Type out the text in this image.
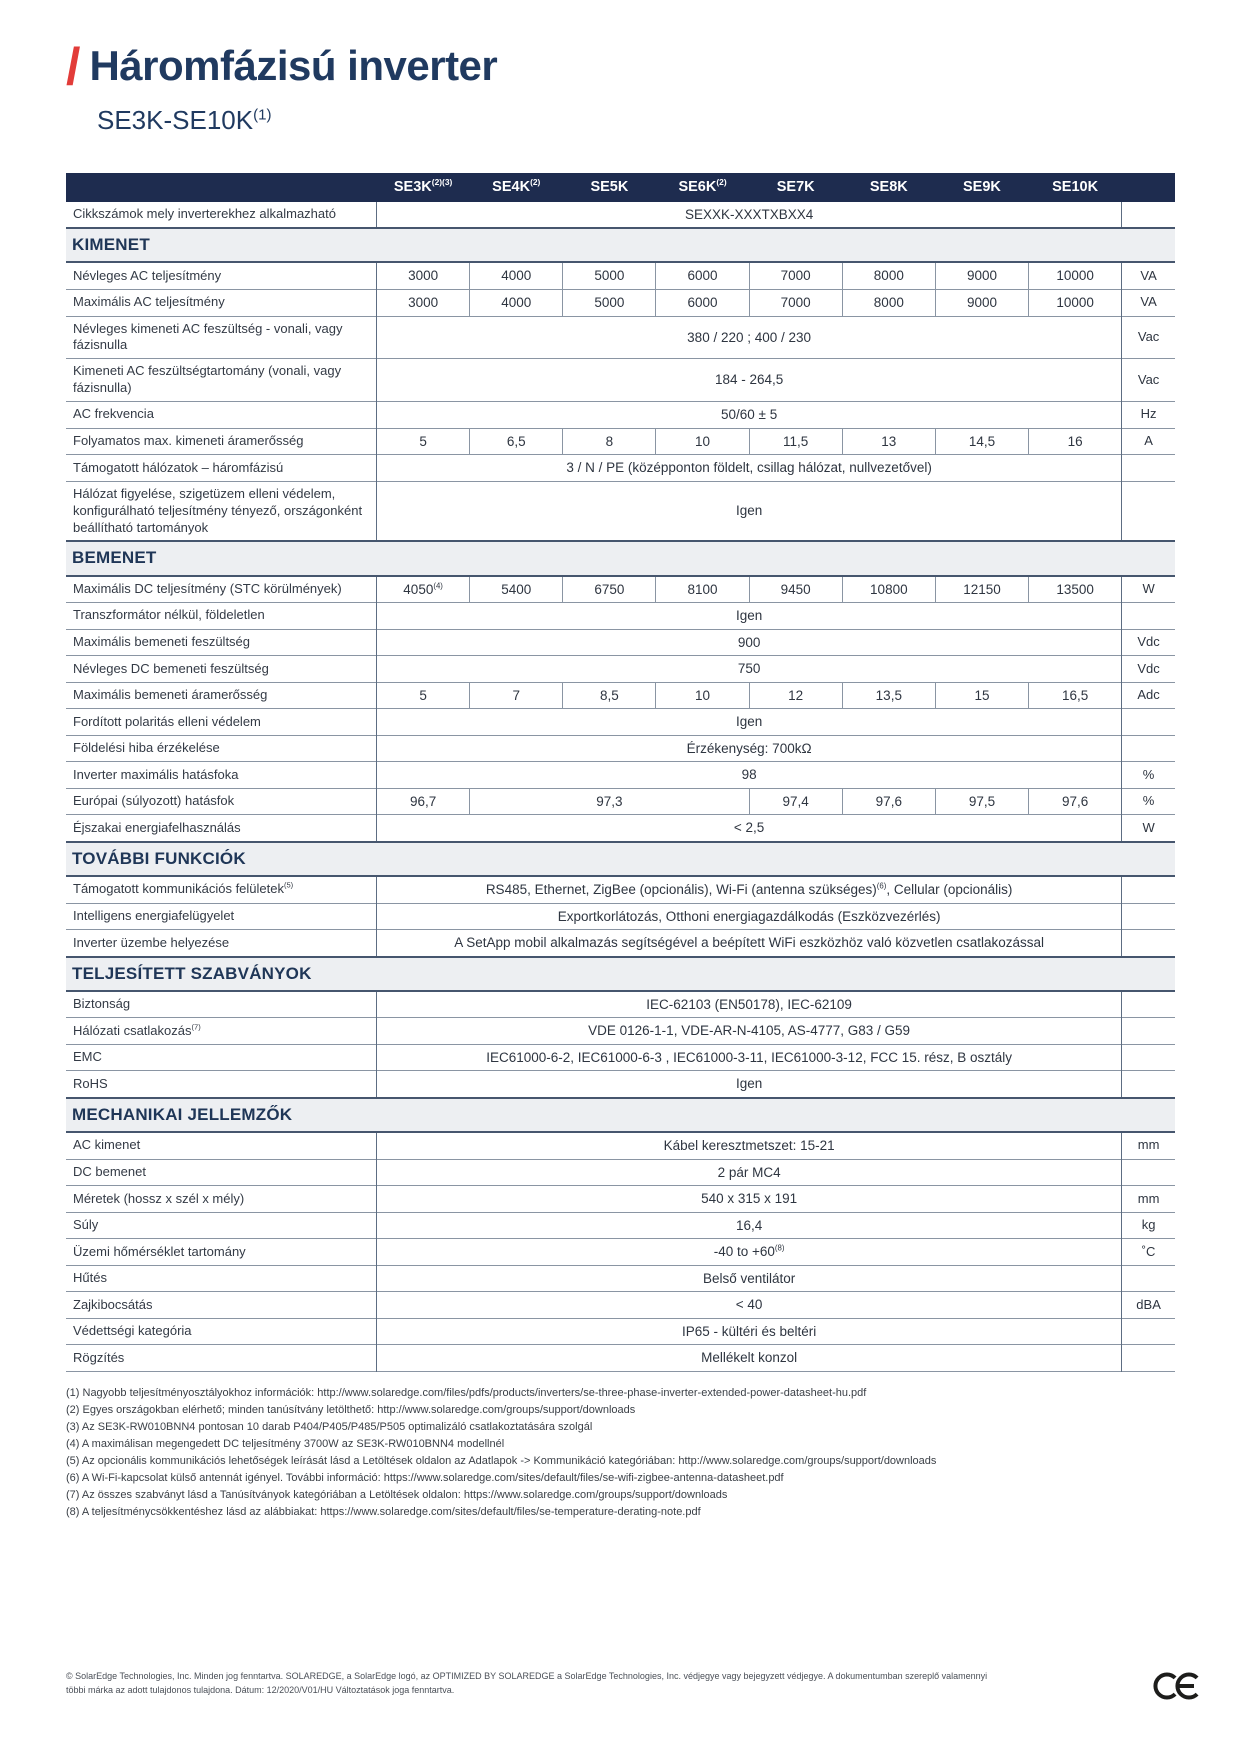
/ Háromfázisú inverter
$SE3K-SE10K^{(1)}$
	$SE3K^{(2)(3)}$	$SE4K^{(2)}$	SE5K	$SE6K^{(2)}$	SE7K	SE8K	SE9K	SE10K	
Cikkszámok mely inverterekhez alkalmazható	SEXXK-XXXTXBXX4								
KIMENET									
Névleges AC teljesítmény	3000	4000	5000	6000	7000	8000	9000	10000	VA
Maximális AC teljesítmény	3000	4000	5000	6000	7000	8000	9000	10000	VA
Névleges kimeneti AC feszültség - vonali, vagy fázisnulla	380 / 220 ; 400 / 230								Vac
Kimeneti AC feszültségtartomány (vonali, vagy fázisnulla)	184 - 264,5								Vac
AC frekvencia	50/60 ± 5								Hz
Folyamatos max. kimeneti áramerősség	5	6,5	8	10	11,5	13	14,5	16	A
Támogatott hálózatok – háromfázisú	3 / N / PE (középponton földelt, csillag hálózat, nullvezetővel)								
Hálózat figyelése, szigetüzem elleni védelem, konfigurálható teljesítmény tényező, országonként beállítható tartományok	Igen								
BEMENET									
Maximális DC teljesítmény (STC körülmények)	4050$^{(4)}$	5400	6750	8100	9450	10800	12150	13500	W
Transzformátor nélkül, földeletlen	Igen								
Maximális bemeneti feszültség	900								Vdc
Névleges DC bemeneti feszültség	750								Vdc
Maximális bemeneti áramerősség	5	7	8,5	10	12	13,5	15	16,5	Adc
Fordított polaritás elleni védelem	Igen								
Földelési hiba érzékelése	Érzékenység: 700kΩ								
Inverter maximális hatásfoka	98								%
Európai (súlyozott) hatásfok	96,7	97,3			97,4	97,6	97,5	97,6	%
Éjszakai energiafelhasználás	< 2,5								W
TOVÁBBI FUNKCIÓK									
Támogatott kommunikációs felületek$^{(5)}$	RS485, Ethernet, ZigBee (opcionális), Wi-Fi (antenna szükséges)$^{(6)}$, Cellular (opcionális)								
Intelligens energiafelügyelet	Exportkorlátozás, Otthoni energiagazdálkodás (Eszközvezérlés)								
Inverter üzembe helyezése	A SetApp mobil alkalmazás segítségével a beépített WiFi eszközhöz való közvetlen csatlakozással								
TELJESÍTETT SZABVÁNYOK									
Biztonság	IEC-62103 (EN50178), IEC-62109								
Hálózati csatlakozás$^{(7)}$	VDE 0126-1-1, VDE-AR-N-4105, AS-4777, G83 / G59								
EMC	IEC61000-6-2, IEC61000-6-3 , IEC61000-3-11, IEC61000-3-12, FCC 15. rész, B osztály								
RoHS	Igen								
MECHANIKAI JELLEMZŐK									
AC kimenet	Kábel keresztmetszet: 15-21								mm
DC bemenet	2 pár MC4								
Méretek (hossz x szél x mély)	540 x 315 x 191								mm
Súly	16,4								kg
Üzemi hőmérséklet tartomány	-40 to $+60^{(8)}$								˚C
Hűtés	Belső ventilátor								
Zajkibocsátás	< 40								dBA
Védettségi kategória	IP65 - kültéri és beltéri								
Rögzítés	Mellékelt konzol								
(1) Nagyobb teljesítményosztályokhoz információk: http://www.solaredge.com/files/pdfs/products/inverters/se-three-phase-inverter-extended-power-datasheet-hu.pdf
(2) Egyes országokban elérhető; minden tanúsítvány letölthető: http://www.solaredge.com/groups/support/downloads
(3) Az SE3K-RW010BNN4 pontosan 10 darab P404/P405/P485/P505 optimalizáló csatlakoztatására szolgál
(4) A maximálisan megengedett DC teljesítmény 3700W az SE3K-RW010BNN4 modellnél
(5) Az opcionális kommunikációs lehetőségek leírását lásd a Letöltések oldalon az Adatlapok -> Kommunikáció kategóriában: http://www.solaredge.com/groups/support/downloads
(6) A Wi-Fi-kapcsolat külső antennát igényel. További információ: https://www.solaredge.com/sites/default/files/se-wifi-zigbee-antenna-datasheet.pdf
(7) Az összes szabványt lásd a Tanúsítványok kategóriában a Letöltések oldalon: https://www.solaredge.com/groups/support/downloads
(8) A teljesítménycsökkentéshez lásd az alábbiakat: https://www.solaredge.com/sites/default/files/se-temperature-derating-note.pdf

© SolarEdge Technologies, Inc. Minden jog fenntartva. SOLAREDGE, a SolarEdge logó, az OPTIMIZED BY SOLAREDGE a SolarEdge Technologies, Inc. védjegye vagy bejegyzett védjegye. A dokumentumban szereplő valamennyi többi márka az adott tulajdonos tulajdona. Dátum: 12/2020/V01/HU Változtatások joga fenntartva.
